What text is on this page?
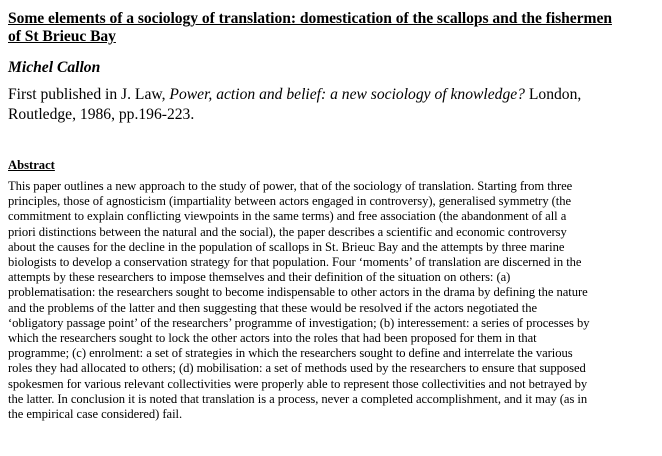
Some elements of a sociology of translation: domestication of the scallops and the fishermen
of St Brieuc Bay

Michel Callon

First published in J. Law, Power, action and belief: a new sociology of knowledge? London,
Routledge, 1986, pp.196-223.

Abstract

This paper outlines a new approach to the study of power, that of the sociology of translation. Starting from three
principles, those of agnosticism (impartiality between actors engaged in controversy), generalised symmetry (the
commitment to explain conflicting viewpoints in the same terms) and free association (the abandonment of all a
priori distinctions between the natural and the social), the paper describes a scientific and economic controversy
about the causes for the decline in the population of scallops in St. Brieuc Bay and the attempts by three marine
biologists to develop a conservation strategy for that population. Four ‘moments’ of translation are discerned in the
attempts by these researchers to impose themselves and their definition of the situation on others: (a)
problematisation: the researchers sought to become indispensable to other actors in the drama by defining the nature
and the problems of the latter and then suggesting that these would be resolved if the actors negotiated the
‘obligatory passage point’ of the researchers’ programme of investigation; (b) interessement: a series of processes by
which the researchers sought to lock the other actors into the roles that had been proposed for them in that
programme; (c) enrolment: a set of strategies in which the researchers sought to define and interrelate the various
roles they had allocated to others; (d) mobilisation: a set of methods used by the researchers to ensure that supposed
spokesmen for various relevant collectivities were properly able to represent those collectivities and not betrayed by
the latter. In conclusion it is noted that translation is a process, never a completed accomplishment, and it may (as in
the empirical case considered) fail.
